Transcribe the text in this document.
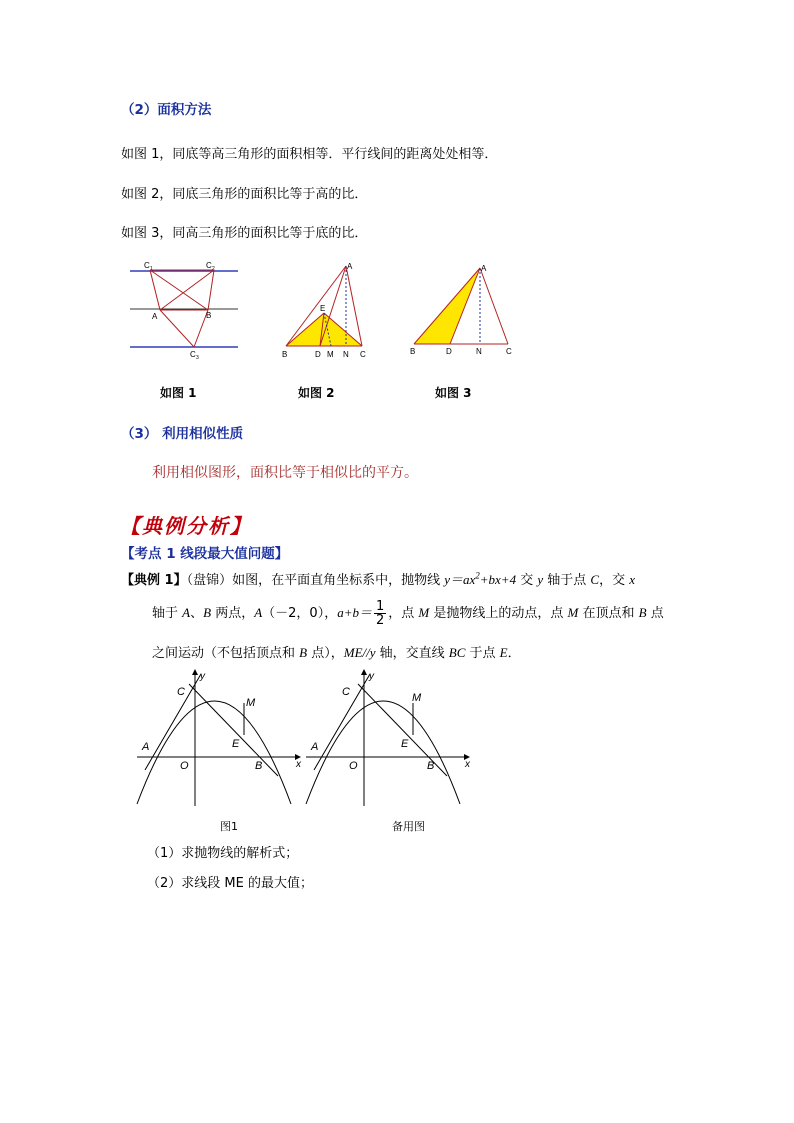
（2）面积方法
如图 1，同底等高三角形的面积相等．平行线间的距离处处相等．
如图 2，同底三角形的面积比等于高的比．
如图 3，同高三角形的面积比等于底的比．
C 1	C 2
A	B
C 3
A
E
B	D M N C
A
B	D	N	C
如图 1	如图 2	如图 3
（3） 利用相似性质
利用相似图形，面积比等于相似比的平方。
【典例分析】
【考点 1 线段最大值问题】
【典例 1】（盘锦）如图，在平面直角坐标系中，抛物线 $y=ax^2+bx+4$ 交 y 轴于点 C，交 x
轴于 A、B 两点，A（－2，0），$a+b= \frac{1}{2}$ ，点 M 是抛物线上的动点，点 M 在顶点和 B 点
之间运动（不包括顶点和 B 点），ME//y 轴，交直线 BC 于点 E．
y
x
C
M
A	E
O	B
y
x
C	M
A	E
O	B
图1	备用图
（1）求抛物线的解析式；
（2）求线段 ME 的最大值；
